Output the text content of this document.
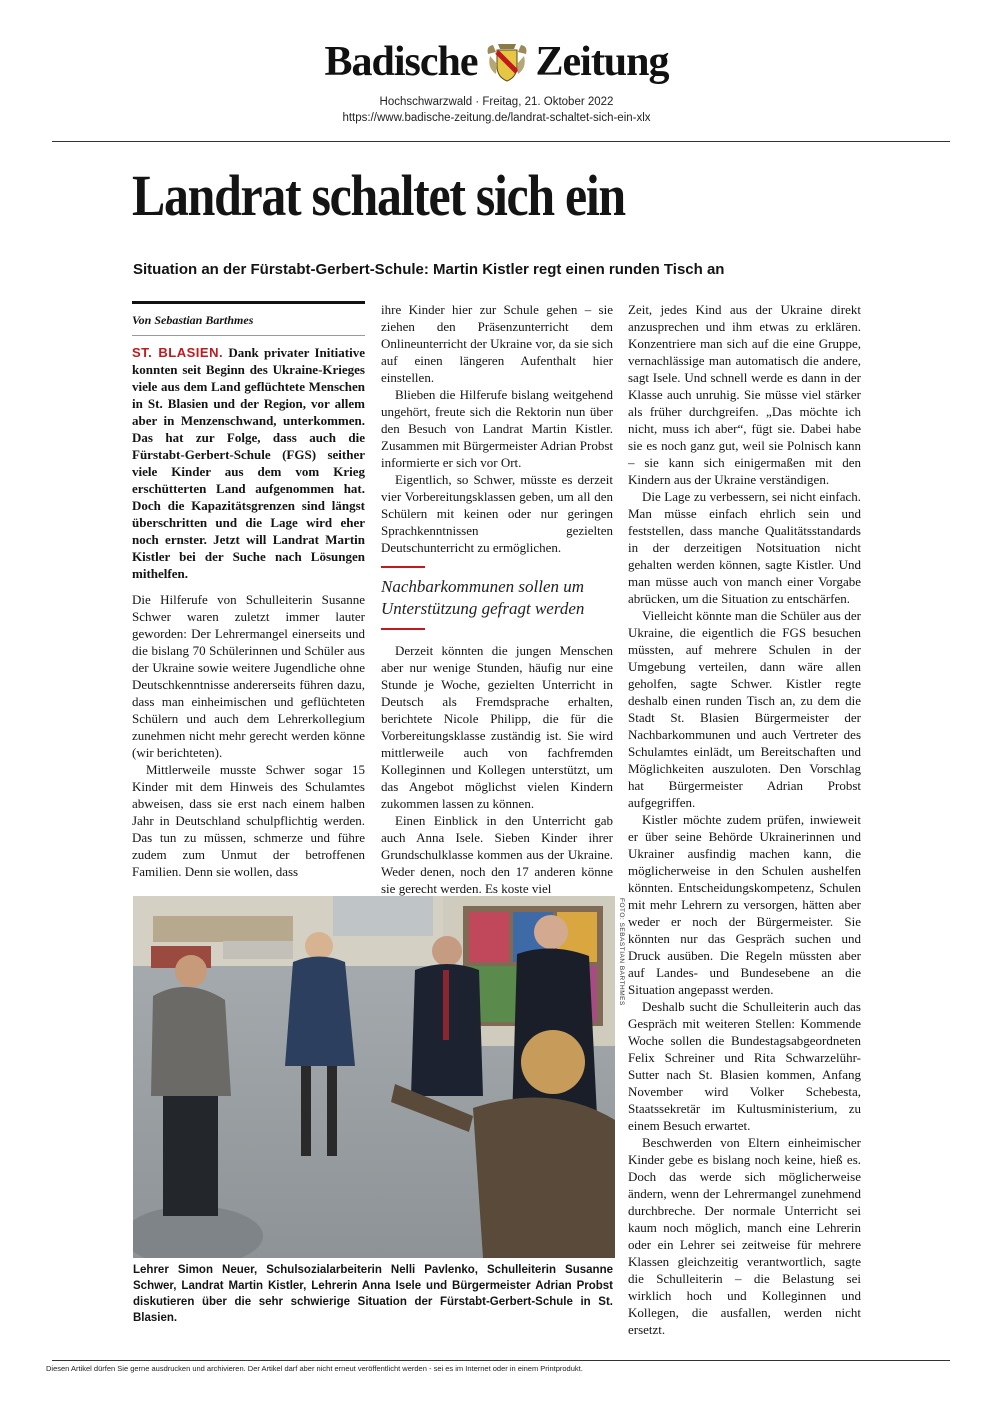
Badische Zeitung
Hochschwarzwald · Freitag, 21. Oktober 2022
https://www.badische-zeitung.de/landrat-schaltet-sich-ein-xlx
Landrat schaltet sich ein
Situation an der Fürstabt-Gerbert-Schule: Martin Kistler regt einen runden Tisch an
Von Sebastian Barthmes

ST. BLASIEN. Dank privater Initiative konnten seit Beginn des Ukraine-Krieges viele aus dem Land geflüchtete Menschen in St. Blasien und der Region, vor allem aber in Menzenschwand, unterkommen. Das hat zur Folge, dass auch die Fürstabt-Gerbert-Schule (FGS) seither viele Kinder aus dem vom Krieg erschütterten Land aufgenommen hat. Doch die Kapazitätsgrenzen sind längst überschritten und die Lage wird eher noch ernster. Jetzt will Landrat Martin Kistler bei der Suche nach Lösungen mithelfen.

Die Hilferufe von Schulleiterin Susanne Schwer waren zuletzt immer lauter geworden: Der Lehrermangel einerseits und die bislang 70 Schülerinnen und Schüler aus der Ukraine sowie weitere Jugendliche ohne Deutschkenntnisse andererseits führen dazu, dass man einheimischen und geflüchteten Schülern und auch dem Lehrerkollegium zunehmen nicht mehr gerecht werden könne (wir berichteten).

Mittlerweile musste Schwer sogar 15 Kinder mit dem Hinweis des Schulamtes abweisen, dass sie erst nach einem halben Jahr in Deutschland schulpflichtig werden. Das tun zu müssen, schmerze und führe zudem zum Unmut der betroffenen Familien. Denn sie wollen, dass

ihre Kinder hier zur Schule gehen – sie ziehen den Präsenzunterricht dem Onlineunterricht der Ukraine vor, da sie sich auf einen längeren Aufenthalt hier einstellen.

Blieben die Hilferufe bislang weitgehend ungehört, freute sich die Rektorin nun über den Besuch von Landrat Martin Kistler. Zusammen mit Bürgermeister Adrian Probst informierte er sich vor Ort.

Eigentlich, so Schwer, müsste es derzeit vier Vorbereitungsklassen geben, um all den Schülern mit keinen oder nur geringen Sprachkenntnissen gezielten Deutschunterricht zu ermöglichen.

Nachbarkommunen sollen um Unterstützung gefragt werden

Derzeit könnten die jungen Menschen aber nur wenige Stunden, häufig nur eine Stunde je Woche, gezielten Unterricht in Deutsch als Fremdsprache erhalten, berichtete Nicole Philipp, die für die Vorbereitungsklasse zuständig ist. Sie wird mittlerweile auch von fachfremden Kolleginnen und Kollegen unterstützt, um das Angebot möglichst vielen Kindern zukommen lassen zu können.

Einen Einblick in den Unterricht gab auch Anna Isele. Sieben Kinder ihrer Grundschulklasse kommen aus der Ukraine. Weder denen, noch den 17 anderen könne sie gerecht werden. Es koste viel

Zeit, jedes Kind aus der Ukraine direkt anzusprechen und ihm etwas zu erklären. Konzentriere man sich auf die eine Gruppe, vernachlässige man automatisch die andere, sagt Isele. Und schnell werde es dann in der Klasse auch unruhig. Sie müsse viel stärker als früher durchgreifen. „Das möchte ich nicht, muss ich aber“, fügt sie. Dabei habe sie es noch ganz gut, weil sie Polnisch kann – sie kann sich einigermaßen mit den Kindern aus der Ukraine verständigen.

Die Lage zu verbessern, sei nicht einfach. Man müsse einfach ehrlich sein und feststellen, dass manche Qualitätsstandards in der derzeitigen Notsituation nicht gehalten werden können, sagte Kistler. Und man müsse auch von manch einer Vorgabe abrücken, um die Situation zu entschärfen.

Vielleicht könnte man die Schüler aus der Ukraine, die eigentlich die FGS besuchen müssten, auf mehrere Schulen in der Umgebung verteilen, dann wäre allen geholfen, sagte Schwer. Kistler regte deshalb einen runden Tisch an, zu dem die Stadt St. Blasien Bürgermeister der Nachbarkommunen und auch Vertreter des Schulamtes einlädt, um Bereitschaften und Möglichkeiten auszuloten. Den Vorschlag hat Bürgermeister Adrian Probst aufgegriffen.

Kistler möchte zudem prüfen, inwieweit er über seine Behörde Ukrainerinnen und Ukrainer ausfindig machen kann, die möglicherweise in den Schulen aushelfen könnten. Entscheidungskompetenz, Schulen mit mehr Lehrern zu versorgen, hätten aber weder er noch der Bürgermeister. Sie könnten nur das Gespräch suchen und Druck ausüben. Die Regeln müssten aber auf Landes- und Bundesebene an die Situation angepasst werden.

Deshalb sucht die Schulleiterin auch das Gespräch mit weiteren Stellen: Kommende Woche sollen die Bundestagsabgeordneten Felix Schreiner und Rita Schwarzelühr-Sutter nach St. Blasien kommen, Anfang November wird Volker Schebesta, Staatssekretär im Kultusministerium, zu einem Besuch erwartet.

Beschwerden von Eltern einheimischer Kinder gebe es bislang noch keine, hieß es. Doch das werde sich möglicherweise ändern, wenn der Lehrermangel zunehmend durchbreche. Der normale Unterricht sei kaum noch möglich, manch eine Lehrerin oder ein Lehrer sei zeitweise für mehrere Klassen gleichzeitig verantwortlich, sagte die Schulleiterin – die Belastung sei wirklich hoch und Kolleginnen und Kollegen, die ausfallen, werden nicht ersetzt.

FOTO: SEBASTIAN BARTHMES
Lehrer Simon Neuer, Schulsozialarbeiterin Nelli Pavlenko, Schulleiterin Susanne Schwer, Landrat Martin Kistler, Lehrerin Anna Isele und Bürgermeister Adrian Probst diskutieren über die sehr schwierige Situation der Fürstabt-Gerbert-Schule in St. Blasien.
Diesen Artikel dürfen Sie gerne ausdrucken und archivieren. Der Artikel darf aber nicht erneut veröffentlicht werden - sei es im Internet oder in einem Printprodukt.
